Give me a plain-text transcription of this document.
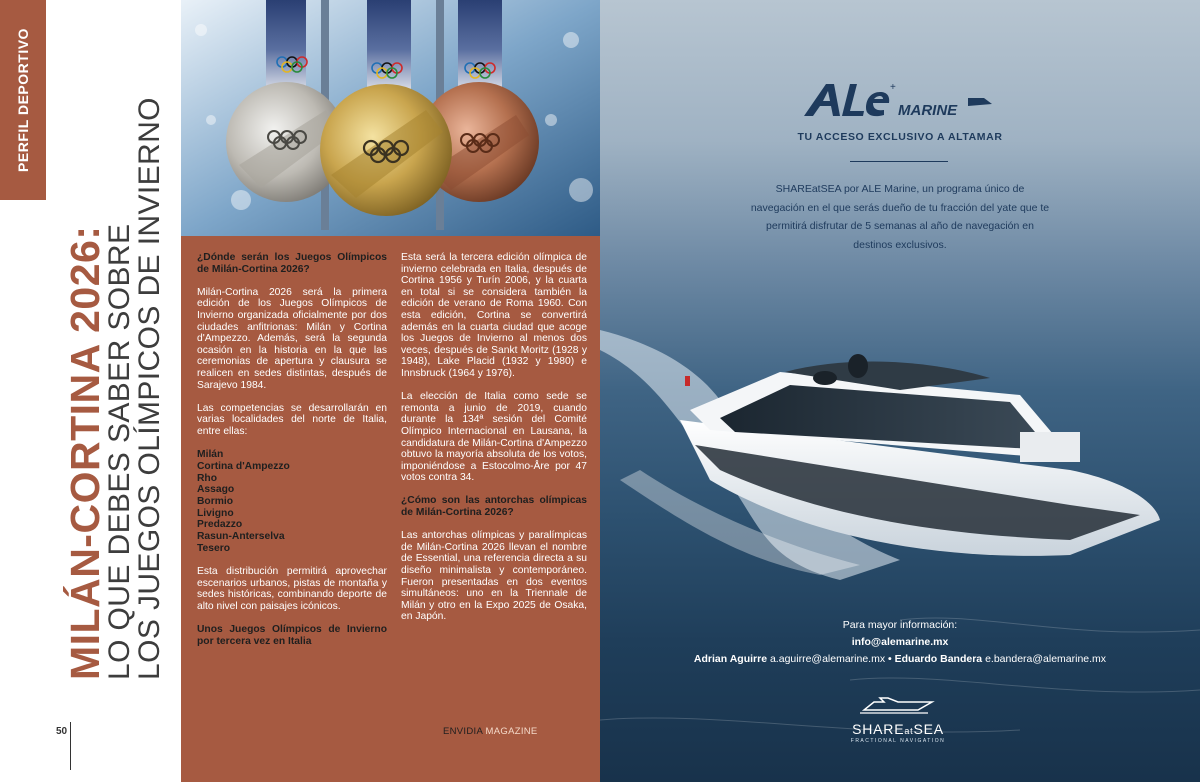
PERFIL DEPORTIVO
MILÁN-CORTINA 2026:
LO QUE DEBES SABER SOBRE
LOS JUEGOS OLÍMPICOS DE INVIERNO
50

¿Dónde serán los Juegos Olímpicos de Milán-Cortina 2026?

Milán-Cortina 2026 será la primera edición de los Juegos Olímpicos de Invierno organizada oficialmente por dos ciudades anfitrionas: Milán y Cortina d'Ampezzo. Además, será la segunda ocasión en la historia en la que las ceremonias de apertura y clausura se realicen en sedes distintas, después de Sarajevo 1984.

Las competencias se desarrollarán en varias localidades del norte de Italia, entre ellas:

Milán
Cortina d'Ampezzo
Rho
Assago
Bormio
Livigno
Predazzo
Rasun-Anterselva
Tesero

Esta distribución permitirá aprovechar escenarios urbanos, pistas de montaña y sedes históricas, combinando deporte de alto nivel con paisajes icónicos.

Unos Juegos Olímpicos de Invierno por tercera vez en Italia

Esta será la tercera edición olímpica de invierno celebrada en Italia, después de Cortina 1956 y Turín 2006, y la cuarta en total si se considera también la edición de verano de Roma 1960. Con esta edición, Cortina se convertirá además en la cuarta ciudad que acoge los Juegos de Invierno al menos dos veces, después de Sankt Moritz (1928 y 1948), Lake Placid (1932 y 1980) e Innsbruck (1964 y 1976).

La elección de Italia como sede se remonta a junio de 2019, cuando durante la 134ª sesión del Comité Olímpico Internacional en Lausana, la candidatura de Milán-Cortina d'Ampezzo obtuvo la mayoría absoluta de los votos, imponiéndose a Estocolmo-Åre por 47 votos contra 34.

¿Cómo son las antorchas olímpicas de Milán-Cortina 2026?

Las antorchas olímpicas y paralímpicas de Milán-Cortina 2026 llevan el nombre de Essential, una referencia directa a su diseño minimalista y contemporáneo. Fueron presentadas en dos eventos simultáneos: uno en la Triennale de Milán y otro en la Expo 2025 de Osaka, en Japón.

ENVIDIA MAGAZINE
+
MARINE
TU ACCESO EXCLUSIVO A ALTAMAR
SHAREatSEA por ALE Marine, un programa único de navegación en el que serás dueño de tu fracción del yate que te permitirá disfrutar de 5 semanas al año de navegación en destinos exclusivos.
Para mayor información:
info@alemarine.mx
Adrian Aguirre a.aguirre@alemarine.mx • Eduardo Bandera e.bandera@alemarine.mx
SHAREatSEA
FRACTIONAL NAVIGATION
